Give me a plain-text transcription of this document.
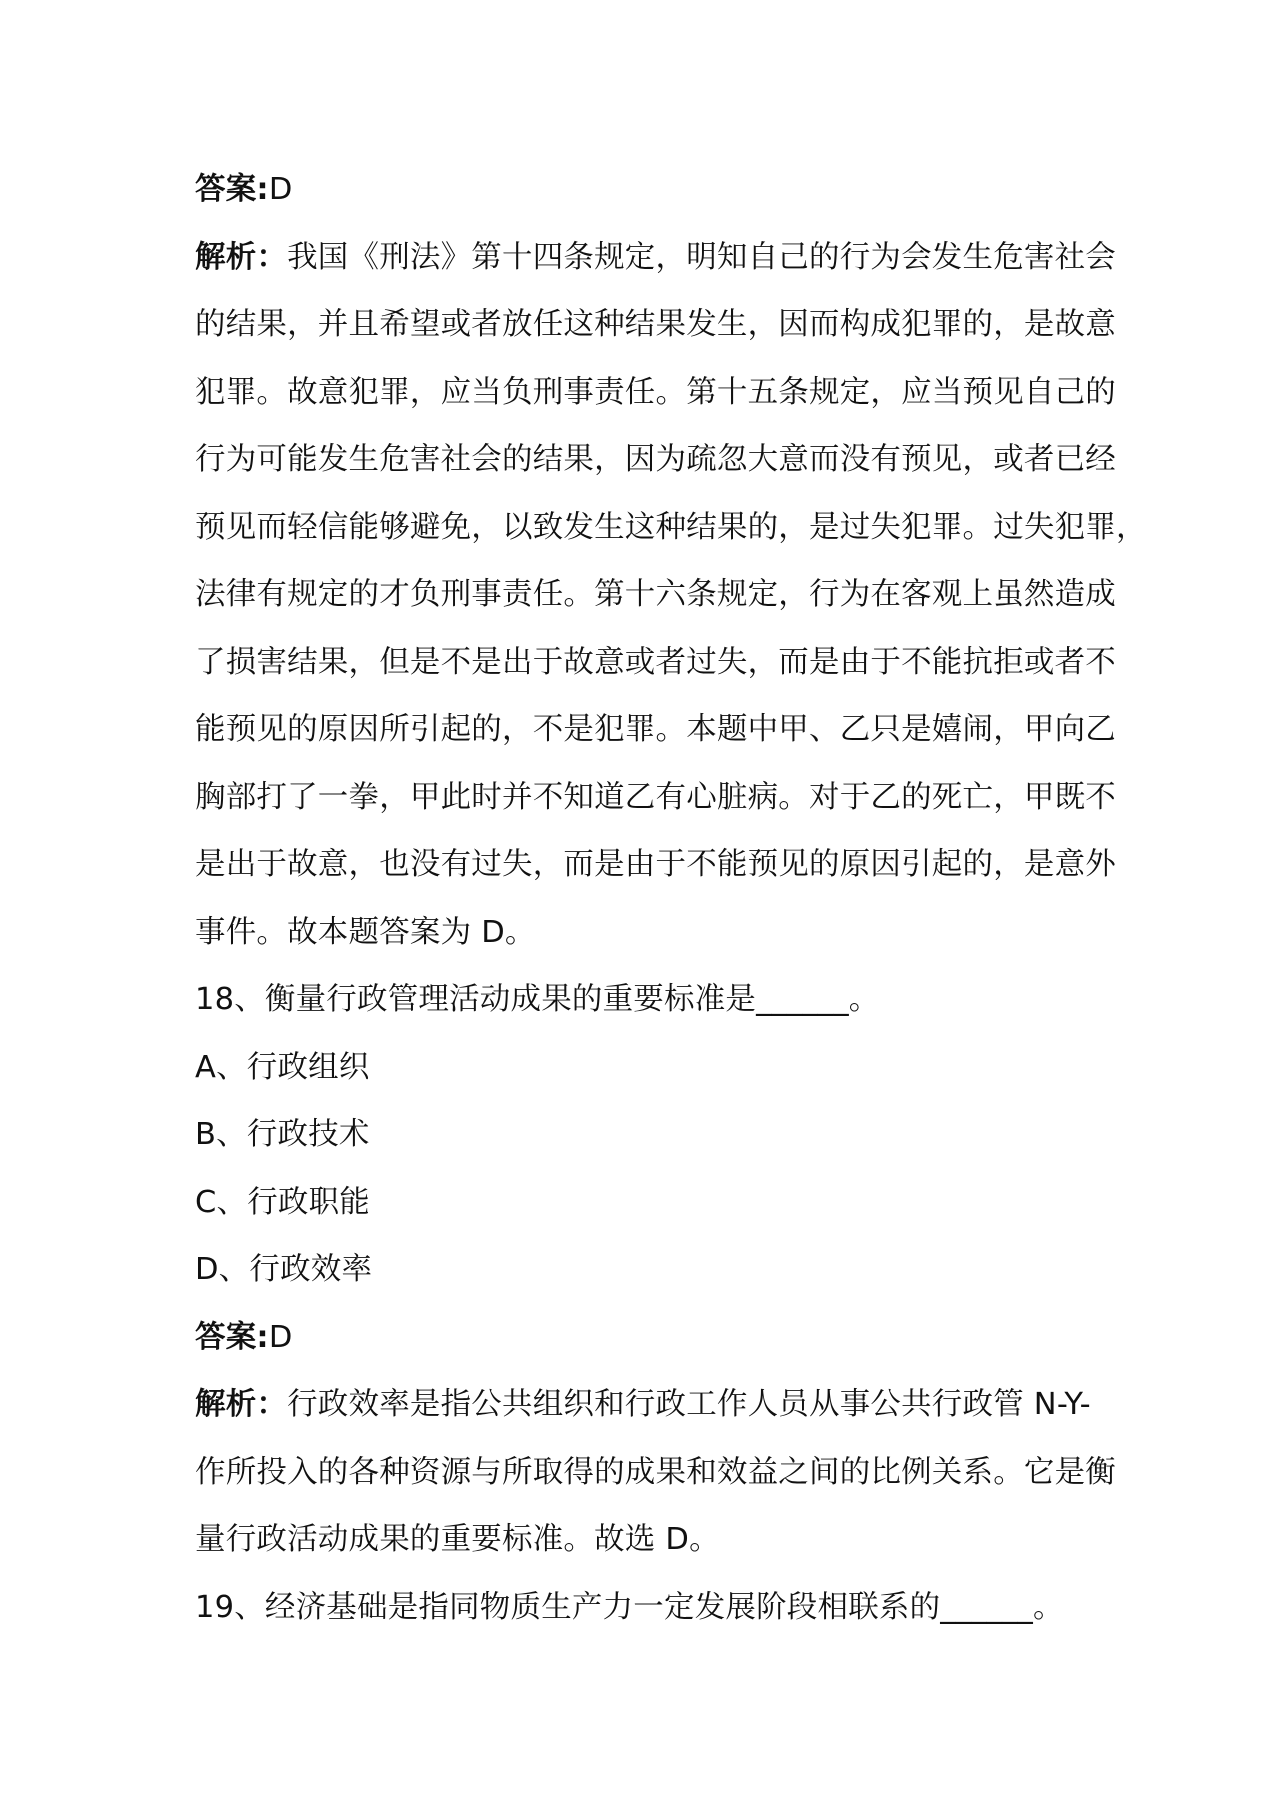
答案:D
解析：我国《刑法》第十四条规定，明知自己的行为会发生危害社会
的结果，并且希望或者放任这种结果发生，因而构成犯罪的，是故意
犯罪。故意犯罪，应当负刑事责任。第十五条规定，应当预见自己的
行为可能发生危害社会的结果，因为疏忽大意而没有预见，或者已经
预见而轻信能够避免，以致发生这种结果的，是过失犯罪。过失犯罪，
法律有规定的才负刑事责任。第十六条规定，行为在客观上虽然造成
了损害结果，但是不是出于故意或者过失，而是由于不能抗拒或者不
能预见的原因所引起的，不是犯罪。本题中甲、乙只是嬉闹，甲向乙
胸部打了一拳，甲此时并不知道乙有心脏病。对于乙的死亡，甲既不
是出于故意，也没有过失，而是由于不能预见的原因引起的，是意外
事件。故本题答案为 D。
18、衡量行政管理活动成果的重要标准是______。
A、行政组织
B、行政技术
C、行政职能
D、行政效率
答案:D
解析：行政效率是指公共组织和行政工作人员从事公共行政管 N-Y-
作所投入的各种资源与所取得的成果和效益之间的比例关系。它是衡
量行政活动成果的重要标准。故选 D。
19、经济基础是指同物质生产力一定发展阶段相联系的______。
